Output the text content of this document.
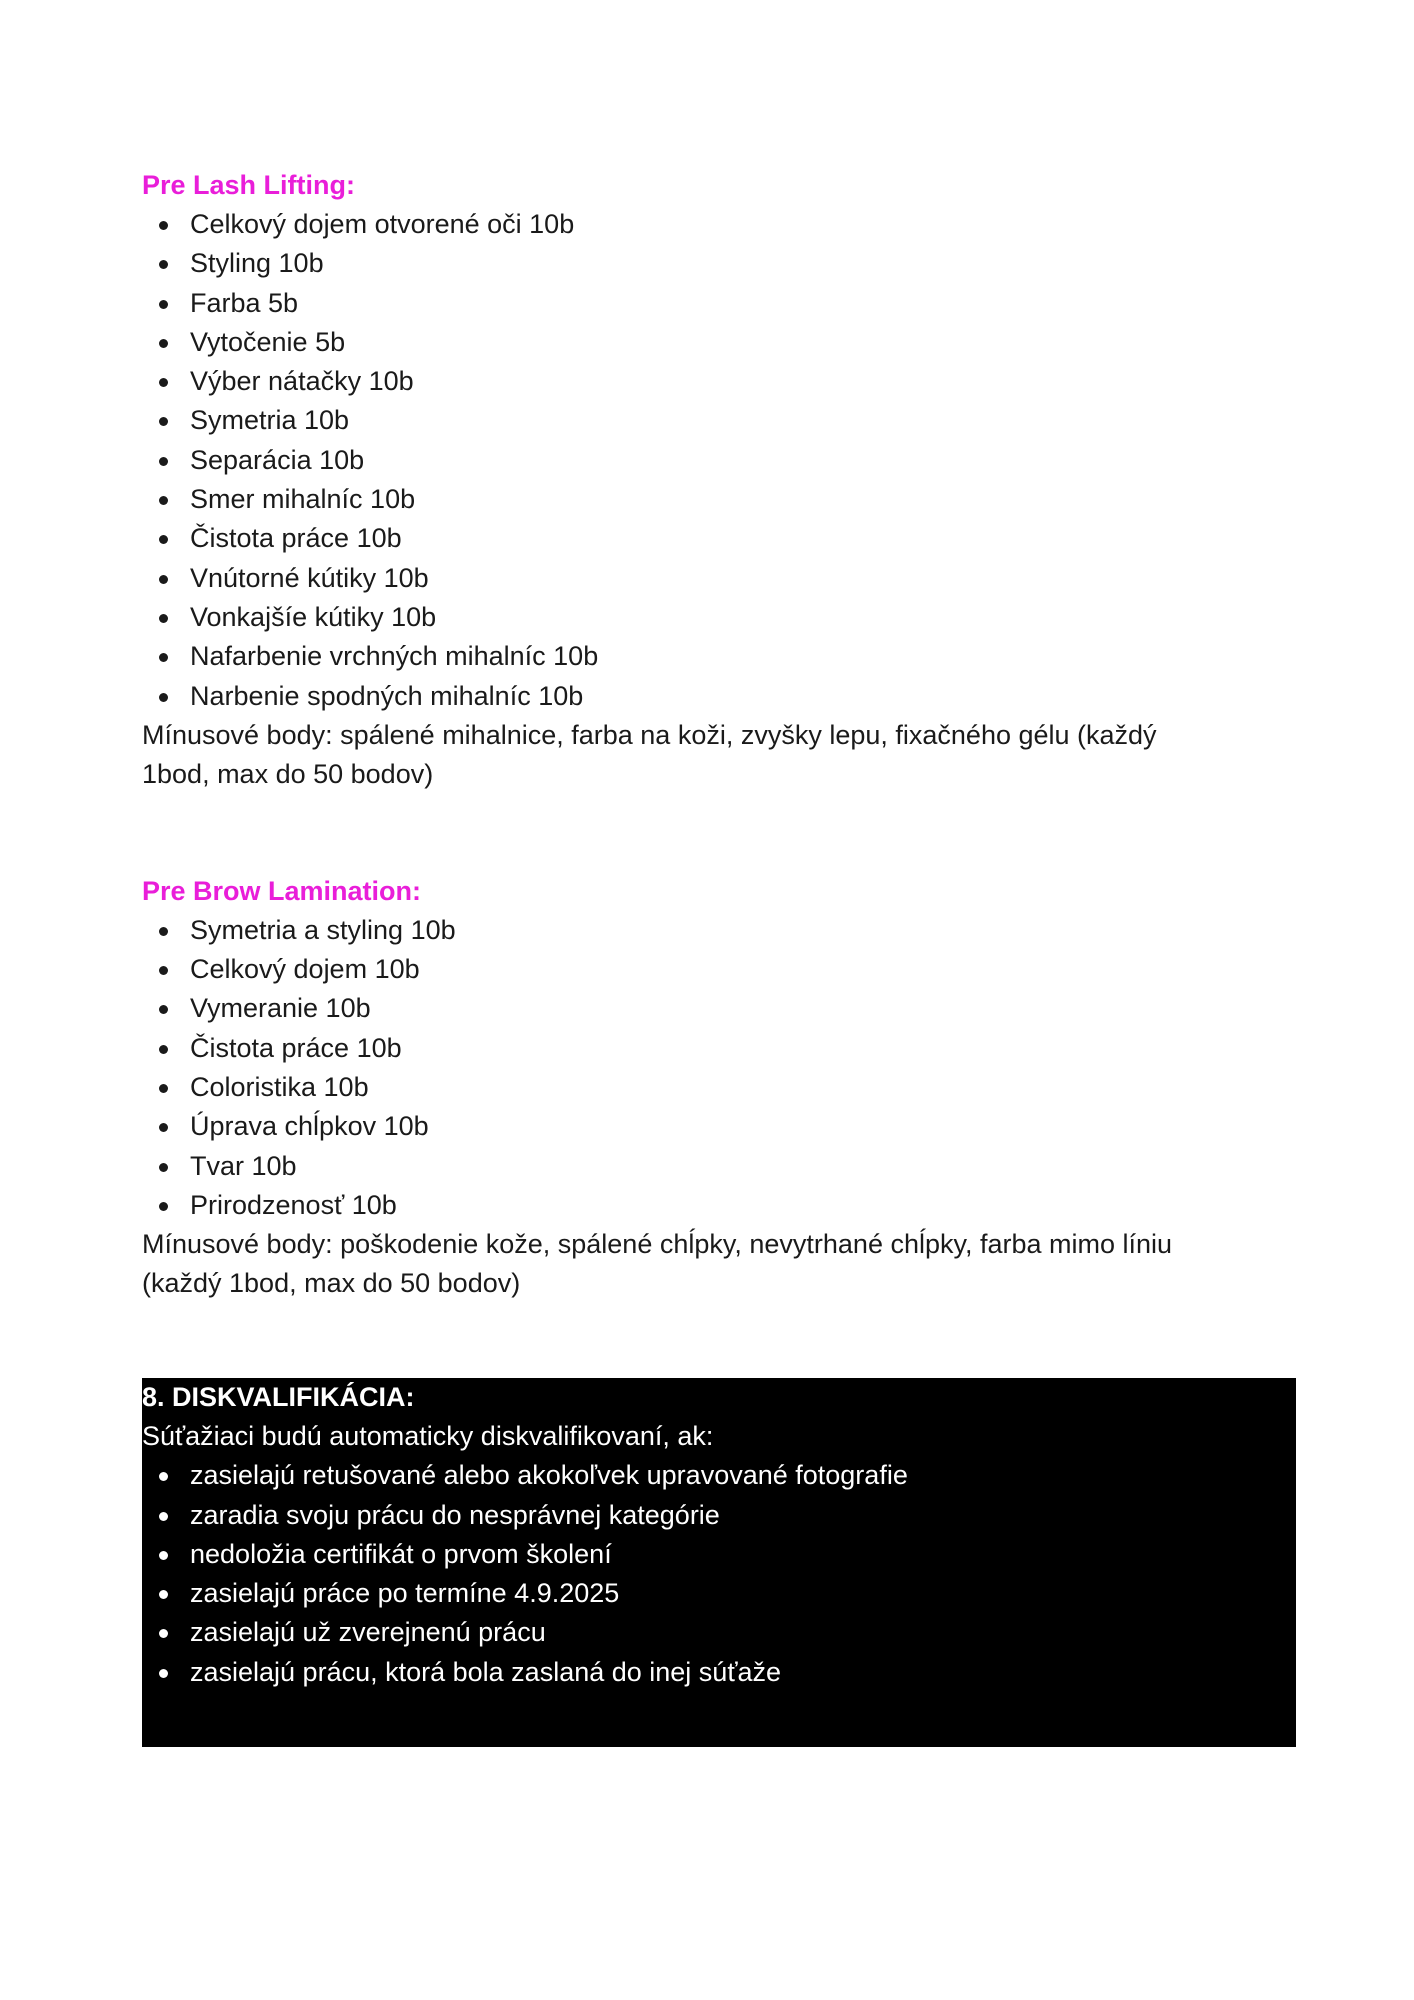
Pre Lash Lifting:
Celkový dojem otvorené oči 10b
Styling 10b
Farba 5b
Vytočenie 5b
Výber nátačky 10b
Symetria 10b
Separácia 10b
Smer mihalníc 10b
Čistota práce 10b
Vnútorné kútiky 10b
Vonkajšíe kútiky 10b
Nafarbenie vrchných mihalníc 10b
Narbenie spodných mihalníc 10b

Mínusové body: spálené mihalnice, farba na koži, zvyšky lepu, fixačného gélu (každý
1bod, max do 50 bodov)

Pre Brow Lamination:
Symetria a styling 10b
Celkový dojem 10b
Vymeranie 10b
Čistota práce 10b
Coloristika 10b
Úprava chĺpkov 10b
Tvar 10b
Prirodzenosť 10b

Mínusové body: poškodenie kože, spálené chĺpky, nevytrhané chĺpky, farba mimo líniu
(každý 1bod, max do 50 bodov)

8. DISKVALIFIKÁCIA:

Súťažiaci budú automaticky diskvalifikovaní, ak:

zasielajú retušované alebo akokoľvek upravované fotografie
zaradia svoju prácu do nesprávnej kategórie
nedoložia certifikát o prvom školení
zasielajú práce po termíne 4.9.2025
zasielajú už zverejnenú prácu
zasielajú prácu, ktorá bola zaslaná do inej súťaže
